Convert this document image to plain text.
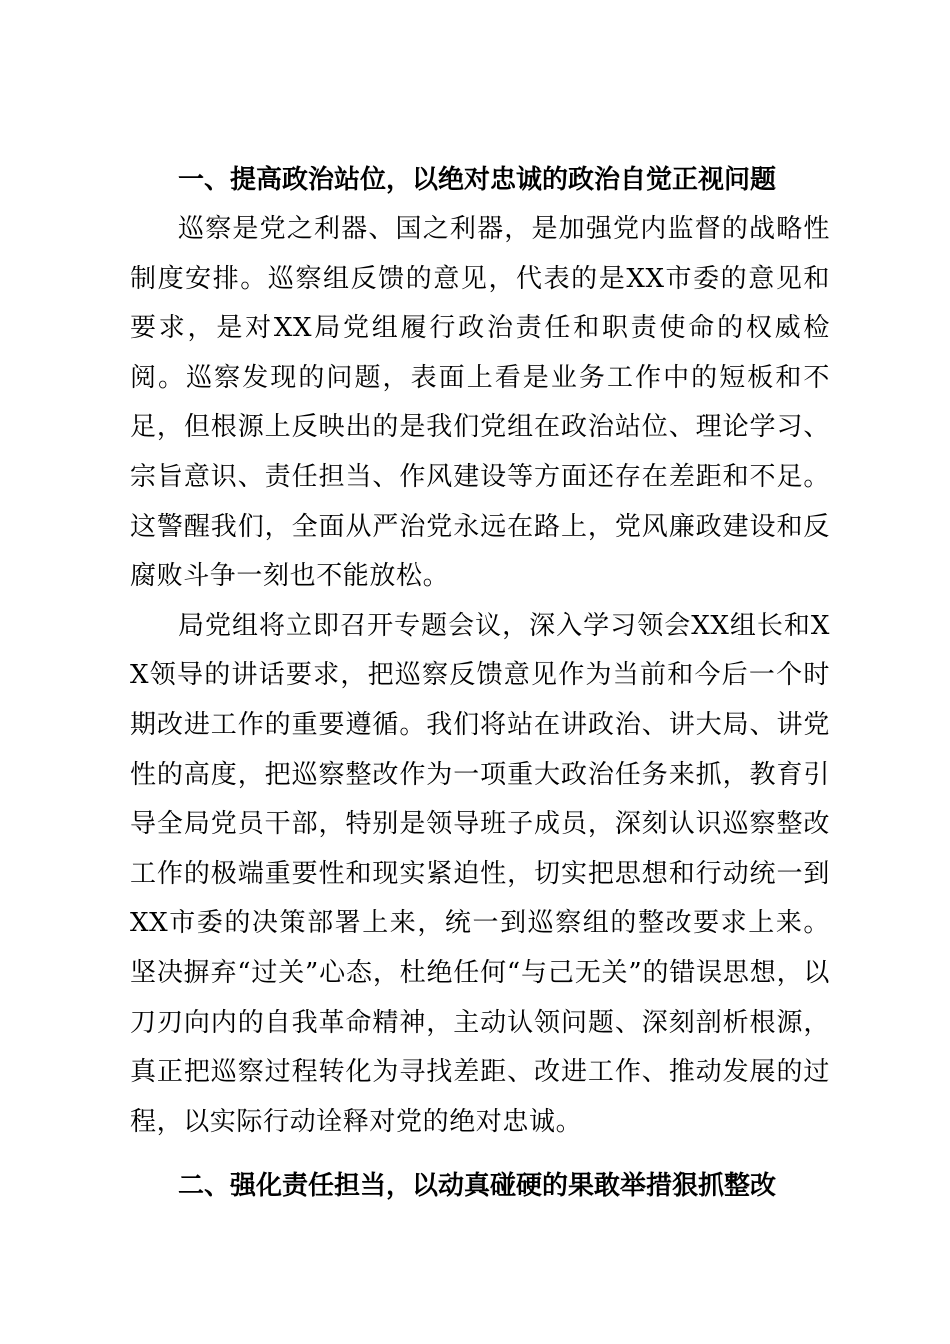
一、提高政治站位，以绝对忠诚的政治自觉正视问题

巡察是党之利器、国之利器，是加强党内监督的战略性制度安排。巡察组反馈的意见，代表的是XX市委的意见和要求，是对XX局党组履行政治责任和职责使命的权威检阅。巡察发现的问题，表面上看是业务工作中的短板和不足，但根源上反映出的是我们党组在政治站位、理论学习、宗旨意识、责任担当、作风建设等方面还存在差距和不足。这警醒我们，全面从严治党永远在路上，党风廉政建设和反腐败斗争一刻也不能放松。

局党组将立即召开专题会议，深入学习领会XX组长和XX领导的讲话要求，把巡察反馈意见作为当前和今后一个时期改进工作的重要遵循。我们将站在讲政治、讲大局、讲党性的高度，把巡察整改作为一项重大政治任务来抓，教育引导全局党员干部，特别是领导班子成员，深刻认识巡察整改工作的极端重要性和现实紧迫性，切实把思想和行动统一到XX市委的决策部署上来，统一到巡察组的整改要求上来。坚决摒弃“过关”心态，杜绝任何“与己无关”的错误思想，以刀刃向内的自我革命精神，主动认领问题、深刻剖析根源，真正把巡察过程转化为寻找差距、改进工作、推动发展的过程，以实际行动诠释对党的绝对忠诚。

二、强化责任担当，以动真碰硬的果敢举措狠抓整改
